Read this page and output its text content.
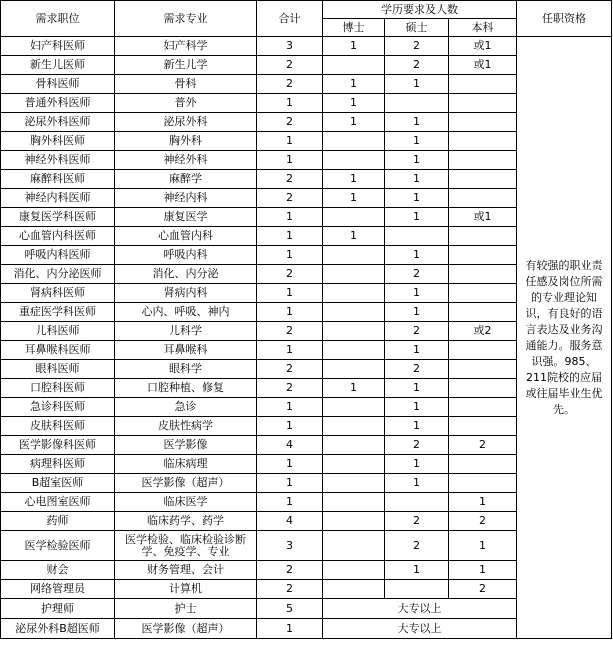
需求职位	需求专业	合计	学历要求及人数			任职资格
			博士	硕士	本科	
妇产科医师	妇产科学	3	1	2	或1	有较强的职业责任感及岗位所需的专业理论知识，有良好的语言表达及业务沟通能力。服务意识强。985、211院校的应届或往届毕业生优先。
新生儿医师	新生儿学	2		2	或1	
骨科医师	骨科	2	1	1		
普通外科医师	普外	1	1			
泌尿外科医师	泌尿外科	2	1	1		
胸外科医师	胸外科	1		1		
神经外科医师	神经外科	1		1		
麻醉科医师	麻醉学	2	1	1		
神经内科医师	神经内科	2	1	1		
康复医学科医师	康复医学	1		1	或1	
心血管内科医师	心血管内科	1	1			
呼吸内科医师	呼吸内科	1		1		
消化、内分泌医师	消化、内分泌	2		2		
肾病科医师	肾病内科	1		1		
重症医学科医师	心内、呼吸、神内	1		1		
儿科医师	儿科学	2		2	或2	
耳鼻喉科医师	耳鼻喉科	1		1		
眼科医师	眼科学	2		2		
口腔科医师	口腔种植、修复	2	1	1		
急诊科医师	急诊	1		1		
皮肤科医师	皮肤性病学	1		1		
医学影像科医师	医学影像	4		2	2	
病理科医师	临床病理	1		1		
B超室医师	医学影像（超声）	1		1		
心电图室医师	临床医学	1			1	
药师	临床药学、药学	4		2	2	
医学检验医师	医学检验、临床检验诊断学、免疫学、专业	3		2	1	
财会	财务管理、会计	2		1	1	
网络管理员	计算机	2			2	
护理师	护士	5	大专以上			
泌尿外科B超医师	医学影像（超声）	1	大专以上			
